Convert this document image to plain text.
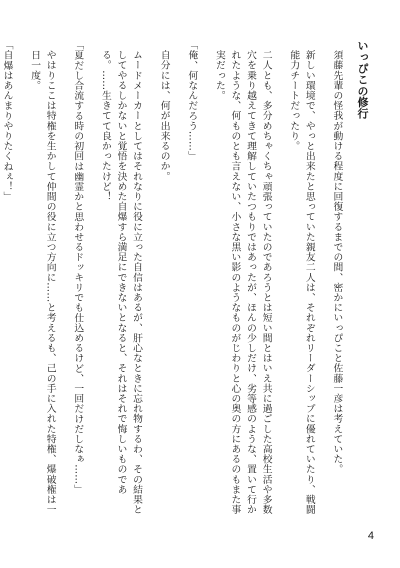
いっぴこの修行
須藤先輩の怪我が動ける程度に回復するまでの間、密かにいっぴこと佐藤一彦は考えていた。
新しい環境で、やっと出来たと思っていた親友二人は、それぞれリーダーシップに優れていたり、戦闘能力チートだったり。
二人とも、多分めちゃくちゃ頑張っていたのであろうとは短い間とはいえ共に過ごした高校生活や多数穴を乗り越えてきて理解していたつもりではあったが、ほんの少しだけ、劣等感のような、置いて行かれたような、何ものとも言えない、小さな黒い影のようなものがじわりと心の奥の方にあるのもまた事実だった。
「俺、何なんだろう……」
自分には、何が出来るのか。
ムードメーカーとしてはそれなりに役に立った自信はあるが、肝心なときに忘れ物するわ、その結果としてやるしかないと覚悟を決めた自爆すら満足にできないとなると、それはそれで悔しいものである。……生きてて良かったけど！
「夏だし合流する時の初回は幽霊かと思わせるドッキリでも仕込めるけど、一回だけだしなぁ……」
やはりここは特権を生かして仲間の役に立つ方向に……と考えるも、己の手に入れた特権、爆破権は一日一度。
「自爆はあんまりやりたくねぇ！」
4
